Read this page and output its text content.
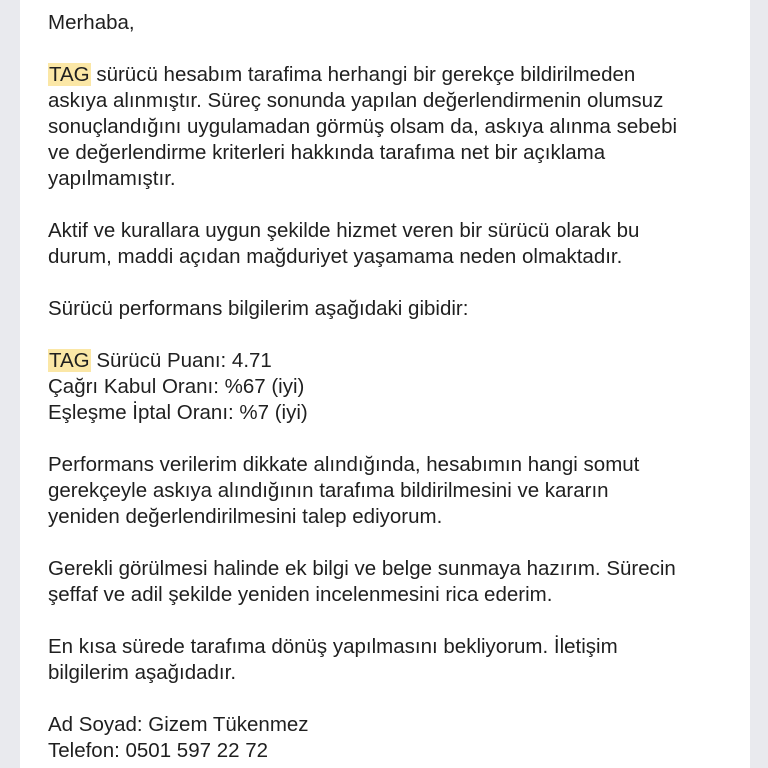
Merhaba,

TAG sürücü hesabım tarafima herhangi bir gerekçe bildirilmeden
askıya alınmıştır. Süreç sonunda yapılan değerlendirmenin olumsuz
sonuçlandığını uygulamadan görmüş olsam da, askıya alınma sebebi
ve değerlendirme kriterleri hakkında tarafıma net bir açıklama
yapılmamıştır.

Aktif ve kurallara uygun şekilde hizmet veren bir sürücü olarak bu
durum, maddi açıdan mağduriyet yaşamama neden olmaktadır.

Sürücü performans bilgilerim aşağıdaki gibidir:

TAG Sürücü Puanı: 4.71
Çağrı Kabul Oranı: %67 (iyi)
Eşleşme İptal Oranı: %7 (iyi)

Performans verilerim dikkate alındığında, hesabımın hangi somut
gerekçeyle askıya alındığının tarafıma bildirilmesini ve kararın
yeniden değerlendirilmesini talep ediyorum.

Gerekli görülmesi halinde ek bilgi ve belge sunmaya hazırım. Sürecin
şeffaf ve adil şekilde yeniden incelenmesini rica ederim.

En kısa sürede tarafıma dönüş yapılmasını bekliyorum. İletişim
bilgilerim aşağıdadır.

Ad Soyad: Gizem Tükenmez
Telefon: 0501 597 22 72
